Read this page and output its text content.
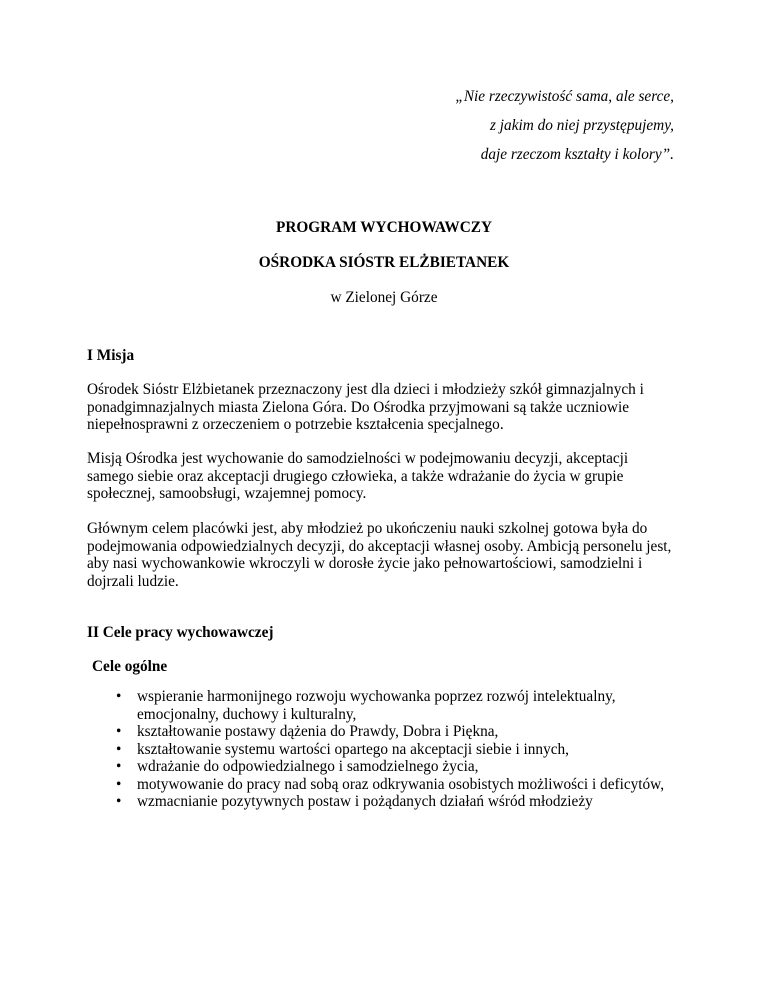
„Nie rzeczywistość sama, ale serce,
z jakim do niej przystępujemy,
daje rzeczom kształty i kolory”.
PROGRAM WYCHOWAWCZY
OŚRODKA SIÓSTR ELŻBIETANEK
w Zielonej Górze
I Misja
Ośrodek Sióstr Elżbietanek przeznaczony jest dla dzieci i młodzieży szkół gimnazjalnych i ponadgimnazjalnych miasta Zielona Góra. Do Ośrodka przyjmowani są także uczniowie niepełnosprawni z orzeczeniem o potrzebie kształcenia specjalnego.
Misją Ośrodka jest wychowanie do samodzielności w podejmowaniu decyzji, akceptacji samego siebie oraz akceptacji drugiego człowieka, a także wdrażanie do życia w grupie społecznej, samoobsługi, wzajemnej pomocy.
Głównym celem placówki jest, aby młodzież po ukończeniu nauki szkolnej gotowa była do podejmowania odpowiedzialnych decyzji, do akceptacji własnej osoby. Ambicją personelu jest, aby nasi wychowankowie wkroczyli w dorosłe życie jako pełnowartościowi, samodzielni i dojrzali ludzie.
II Cele pracy wychowawczej
Cele ogólne
• wspieranie harmonijnego rozwoju wychowanka poprzez rozwój intelektualny, emocjonalny, duchowy i kulturalny,
• kształtowanie postawy dążenia do Prawdy, Dobra i Piękna,
• kształtowanie systemu wartości opartego na akceptacji siebie i innych,
• wdrażanie do odpowiedzialnego i samodzielnego życia,
• motywowanie do pracy nad sobą oraz odkrywania osobistych możliwości i deficytów,
• wzmacnianie pozytywnych postaw i pożądanych działań wśród młodzieży
